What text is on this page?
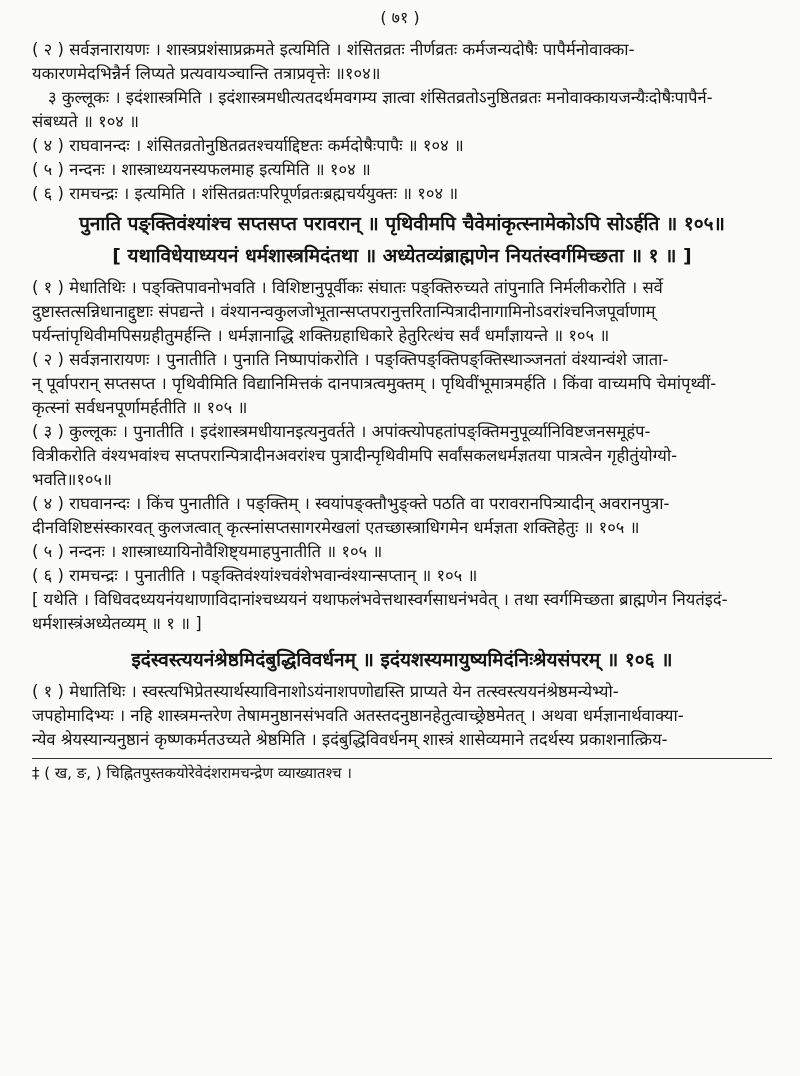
( ७१ )
( २ ) सर्वज्ञनारायणः । शास्त्रप्रशंसाप्रक्रमते इत्यमिति । शंसितव्रतः नीर्णव्रतः कर्मजन्यदोषैः पापैर्मनोवाक्का-
यकारणमेदभिन्नैर्न लिप्यते प्रत्यवायञ्चान्ति तत्राप्रवृत्तेः ॥१०४॥
३ कुल्लूकः । इदंशास्त्रमिति । इदंशास्त्रमधीत्यतदर्थमवगम्य ज्ञात्वा शंसितव्रतोऽनुष्ठितव्रतः मनोवाक्कायजन्यैःदोषैःपापैर्न-
संबध्यते ॥ १०४ ॥
( ४ ) राघवानन्दः । शंसितव्रतोनुष्ठितव्रतश्चर्याद्दिष्टतः कर्मदोषैःपापैः ॥ १०४ ॥
( ५ ) नन्दनः । शास्त्राध्ययनस्यफलमाह इत्यमिति ॥ १०४ ॥
( ६ ) रामचन्द्रः । इत्यमिति । शंसितव्रतःपरिपूर्णव्रतःब्रह्मचर्ययुक्तः ॥ १०४ ॥
पुनाति पङ्क्तिवंश्यांश्च सप्तसप्त परावरान् ॥ पृथिवीमपि चैवेमांकृत्स्नामेकोऽपि सोऽर्हति ॥ १०५॥
[ यथाविधेयाध्ययनं धर्मशास्त्रमिदंतथा ॥ अध्येतव्यंब्राह्मणेन नियतंस्वर्गमिच्छता ॥ १ ॥ ]
( १ ) मेधातिथिः । पङ्क्तिपावनोभवति । विशिष्टानुपूर्वीकः संघातः पङ्क्तिरुच्यते तांपुनाति निर्मलीकरोति । सर्वे
दुष्टास्तत्सन्निधानाद्दुष्टाः संपद्यन्ते । वंश्यानन्वकुलजोभूतान्सप्तपरानुत्तरितान्पित्रादीनागामिनोऽवरांश्चनिजपूर्वाणाम्
पर्यन्तांपृथिवीमपिसग्रहीतुमर्हन्ति । धर्मज्ञानाद्धि शक्तिग्रहाधिकारे हेतुरित्थंच सर्वं धर्मांज्ञायन्ते ॥ १०५ ॥
( २ ) सर्वज्ञनारायणः । पुनातीति । पुनाति निष्पापांकरोति । पङ्क्तिपङ्क्तिपङ्क्तिस्थाञ्जनतां वंश्यान्वंशे जाता-
न् पूर्वापरान् सप्तसप्त । पृथिवीमिति विद्यानिमित्तकं दानपात्रत्वमुक्तम् । पृथिवींभूमात्रमर्हति । किंवा वाच्यमपि चेमांपृथ्वीं-
कृत्स्नां सर्वधनपूर्णामर्हतीति ॥ १०५ ॥
( ३ ) कुल्लूकः । पुनातीति । इदंशास्त्रमधीयानइत्यनुवर्तते । अपांक्त्योपहतांपङ्क्तिमनुपूर्व्यानिविष्टजनसमूहंप-
वित्रीकरोति वंश्यभवांश्च सप्तपरान्पित्रादीनअवरांश्च पुत्रादीन्पृथिवीमपि सर्वांसकलधर्मज्ञतया पात्रत्वेन गृहीतुंयोग्यो-
भवति॥१०५॥
( ४ ) राघवानन्दः । किंच पुनातीति । पङ्क्तिम् । स्वयांपङ्क्तौभुङ्क्ते पठति वा परावरानपित्र्यादीन् अवरानपुत्रा-
दीनविशिष्टसंस्कारवत् कुलजत्वात् कृत्स्नांसप्तसागरमेखलां एतच्छास्त्राधिगमेन धर्मज्ञता शक्तिहेतुः ॥ १०५ ॥
( ५ ) नन्दनः । शास्त्राध्यायिनोवैशिष्ट्यमाहपुनातीति ॥ १०५ ॥
( ६ ) रामचन्द्रः । पुनातीति । पङ्क्तिवंश्यांश्चवंशेभवान्वंश्यान्सप्तान् ॥ १०५ ॥
[ यथेति । विधिवदध्ययनंयथाणाविदानांश्चध्ययनं यथाफलंभवेत्तथास्वर्गसाधनंभवेत् । तथा स्वर्गमिच्छता ब्राह्मणेन नियतंइदं-
धर्मशास्त्रंअध्येतव्यम् ॥ १ ॥ ]
इदंस्वस्त्ययनंश्रेष्ठमिदंबुद्धिविवर्धनम् ॥ इदंयशस्यमायुष्यमिदंनिःश्रेयसंपरम् ॥ १०६ ॥
( १ ) मेधातिथिः । स्वस्त्यभिप्रेतस्यार्थस्याविनाशोऽयंनाशपणोद्यस्ति प्राप्यते येन तत्स्वस्त्ययनंश्रेष्ठमन्येभ्यो-
जपहोमादिभ्यः । नहि शास्त्रमन्तरेण तेषामनुष्ठानसंभवति अतस्तदनुष्ठानहेतुत्वाच्छ्रेष्ठमेतत् । अथवा धर्मज्ञानार्थवाक्या-
न्येव श्रेयस्यान्यनुष्ठानं कृष्णकर्मतउच्यते श्रेष्ठमिति । इदंबुद्धिविवर्धनम् शास्त्रं शासेव्यमाने तदर्थस्य प्रकाशनात्क्रिय-
‡ ( ख, ङ, ) चिह्नितपुस्तकयोरेवेदंशरामचन्द्रेण व्याख्यातश्च ।
